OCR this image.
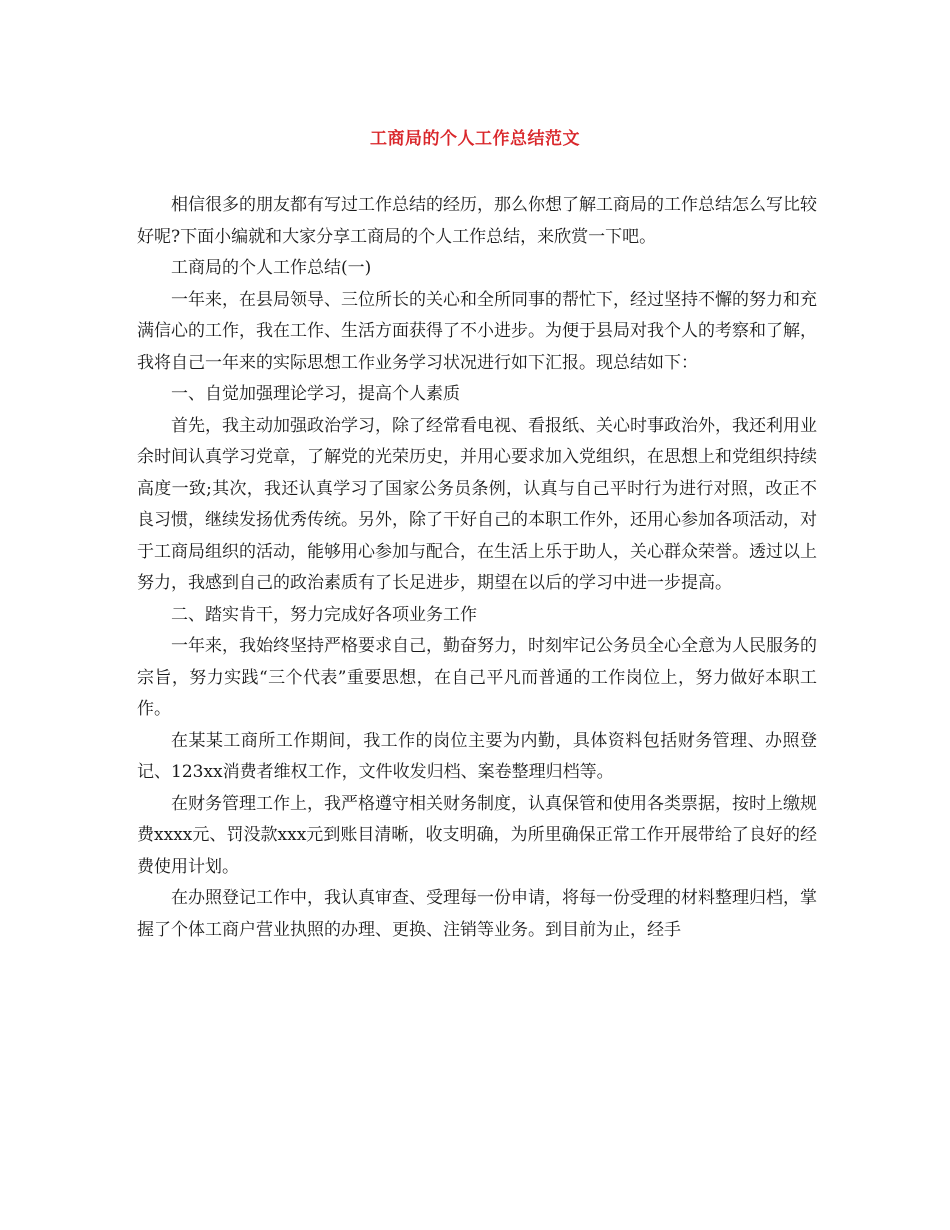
工商局的个人工作总结范文

相信很多的朋友都有写过工作总结的经历，那么你想了解工商局的工作总结怎么写比较好呢?下面小编就和大家分享工商局的个人工作总结，来欣赏一下吧。

工商局的个人工作总结(一)

一年来，在县局领导、三位所长的关心和全所同事的帮忙下，经过坚持不懈的努力和充满信心的工作，我在工作、生活方面获得了不小进步。为便于县局对我个人的考察和了解，我将自己一年来的实际思想工作业务学习状况进行如下汇报。现总结如下：

一、自觉加强理论学习，提高个人素质

首先，我主动加强政治学习，除了经常看电视、看报纸、关心时事政治外，我还利用业余时间认真学习党章，了解党的光荣历史，并用心要求加入党组织，在思想上和党组织持续高度一致;其次，我还认真学习了国家公务员条例，认真与自己平时行为进行对照，改正不良习惯，继续发扬优秀传统。另外，除了干好自己的本职工作外，还用心参加各项活动，对于工商局组织的活动，能够用心参加与配合，在生活上乐于助人，关心群众荣誉。透过以上努力，我感到自己的政治素质有了长足进步，期望在以后的学习中进一步提高。

二、踏实肯干，努力完成好各项业务工作

一年来，我始终坚持严格要求自己，勤奋努力，时刻牢记公务员全心全意为人民服务的宗旨，努力实践“三个代表”重要思想，在自己平凡而普通的工作岗位上，努力做好本职工作。

在某某工商所工作期间，我工作的岗位主要为内勤，具体资料包括财务管理、办照登记、123xx消费者维权工作，文件收发归档、案卷整理归档等。

在财务管理工作上，我严格遵守相关财务制度，认真保管和使用各类票据，按时上缴规费xxxx元、罚没款xxx元到账目清晰，收支明确，为所里确保正常工作开展带给了良好的经费使用计划。

在办照登记工作中，我认真审查、受理每一份申请，将每一份受理的材料整理归档，掌握了个体工商户营业执照的办理、更换、注销等业务。到目前为止，经手
